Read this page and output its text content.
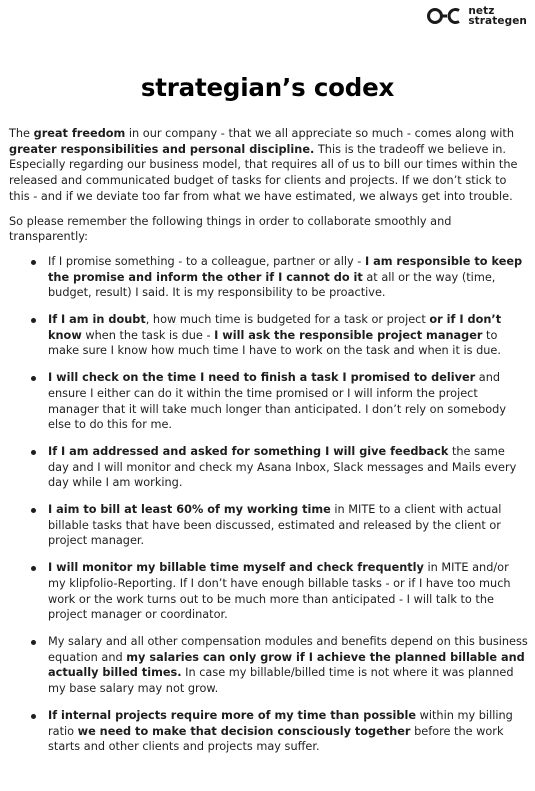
netz
strategen
strategian’s codex

The great freedom in our company - that we all appreciate so much - comes along with greater responsibilities and personal discipline. This is the tradeoff we believe in. Especially regarding our business model, that requires all of us to bill our times within the released and communicated budget of tasks for clients and projects. If we don’t stick to this - and if we deviate too far from what we have estimated, we always get into trouble.

So please remember the following things in order to collaborate smoothly and transparently:

If I promise something - to a colleague, partner or ally - I am responsible to keep the promise and inform the other if I cannot do it at all or the way (time, budget, result) I said. It is my responsibility to be proactive.
If I am in doubt, how much time is budgeted for a task or project or if I don’t know when the task is due - I will ask the responsible project manager to make sure I know how much time I have to work on the task and when it is due.
I will check on the time I need to finish a task I promised to deliver and ensure I either can do it within the time promised or I will inform the project manager that it will take much longer than anticipated. I don’t rely on somebody else to do this for me.
If I am addressed and asked for something I will give feedback the same day and I will monitor and check my Asana Inbox, Slack messages and Mails every day while I am working.
I aim to bill at least 60% of my working time in MITE to a client with actual billable tasks that have been discussed, estimated and released by the client or project manager.
I will monitor my billable time myself and check frequently in MITE and/or my klipfolio-Reporting. If I don’t have enough billable tasks - or if I have too much work or the work turns out to be much more than anticipated - I will talk to the project manager or coordinator.
My salary and all other compensation modules and benefits depend on this business equation and my salaries can only grow if I achieve the planned billable and actually billed times. In case my billable/billed time is not where it was planned my base salary may not grow.
If internal projects require more of my time than possible within my billing ratio we need to make that decision consciously together before the work starts and other clients and projects may suffer.
